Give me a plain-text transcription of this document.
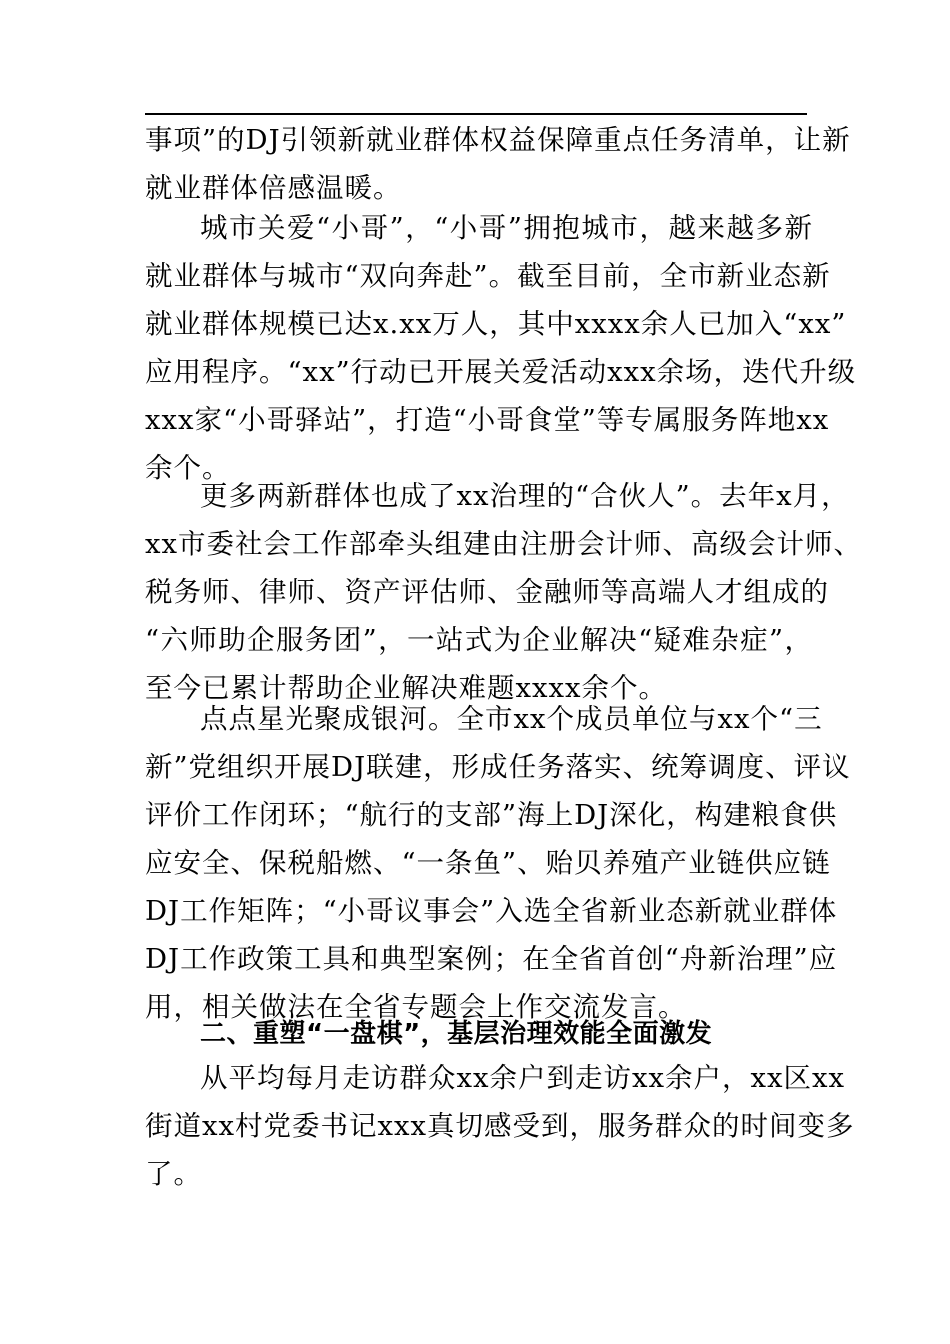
事项”的DJ引领新就业群体权益保障重点任务清单，让新
就业群体倍感温暖。
城市关爱“小哥”，“小哥”拥抱城市，越来越多新
就业群体与城市“双向奔赴”。截至目前，全市新业态新
就业群体规模已达x.xx万人，其中xxxx余人已加入“xx”
应用程序。“xx”行动已开展关爱活动xxx余场，迭代升级
xxx家“小哥驿站”，打造“小哥食堂”等专属服务阵地xx
余个。
更多两新群体也成了xx治理的“合伙人”。去年x月，
xx市委社会工作部牵头组建由注册会计师、高级会计师、
税务师、律师、资产评估师、金融师等高端人才组成的
“六师助企服务团”，一站式为企业解决“疑难杂症”，
至今已累计帮助企业解决难题xxxx余个。
点点星光聚成银河。全市xx个成员单位与xx个“三
新”党组织开展DJ联建，形成任务落实、统筹调度、评议
评价工作闭环；“航行的支部”海上DJ深化，构建粮食供
应安全、保税船燃、“一条鱼”、贻贝养殖产业链供应链
DJ工作矩阵；“小哥议事会”入选全省新业态新就业群体
DJ工作政策工具和典型案例；在全省首创“舟新治理”应
用，相关做法在全省专题会上作交流发言。
二、重塑“一盘棋”，基层治理效能全面激发
从平均每月走访群众xx余户到走访xx余户，xx区xx
街道xx村党委书记xxx真切感受到，服务群众的时间变多
了。
